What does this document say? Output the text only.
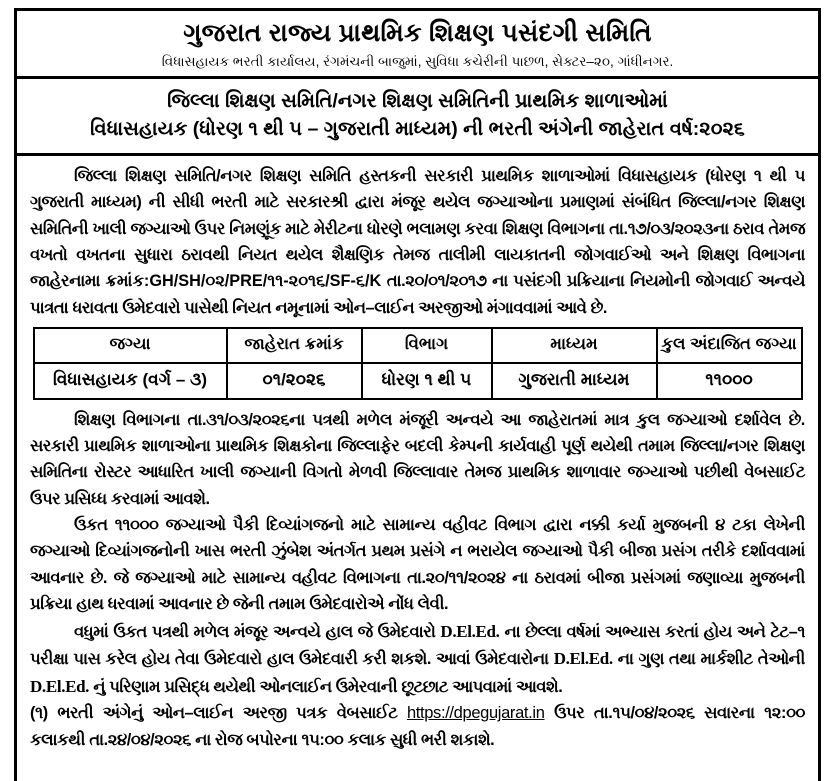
ગુજરાત રાજ્ય પ્રાથમિક શિક્ષણ પસંદગી સમિતિ
વિધાસહાયક ભરતી કાર્યાલય, રંગમંચની બાજુમાં, સુવિધા કચેરીની પાછળ, સેક્ટર–૨૦, ગાંધીનગર.
જિલ્લા શિક્ષણ સમિતિ/નગર શિક્ષણ સમિતિની પ્રાથમિક શાળાઓમાં
વિધાસહાયક (ધોરણ ૧ થી ૫ – ગુજરાતી માધ્યમ) ની ભરતી અંગેની જાહેરાત વર્ષ:૨૦૨૬

જિલ્લા શિક્ષણ સમિતિ/નગર શિક્ષણ સમિતિ હસ્તકની સરકારી પ્રાથમિક શાળાઓમાં વિધાસહાયક (ધોરણ ૧ થી ૫ ગુજરાતી માધ્યમ) ની સીધી ભરતી માટે સરકારશ્રી દ્વારા મંજૂર થયેલ જગ્યાઓના પ્રમાણમાં સંબંધિત જિલ્લા/નગર શિક્ષણ સમિતિની ખાલી જગ્યાઓ ઉપર નિમણૂંક માટે મેરીટના ધોરણે ભલામણ કરવા શિક્ષણ વિભાગના તા.૧૭/૦૩/૨૦૨૩ના ઠરાવ તેમજ વખતો વખતના સુધારા ઠરાવથી નિયત થયેલ શૈક્ષણિક તેમજ તાલીમી લાયકાતની જોગવાઈઓ અને શિક્ષણ વિભાગના જાહેરનામા ક્રમાંક:GH/SH/૦૨/PRE/૧૧-૨૦૧૬/SF-૬/K તા.૨૦/૦૧/૨૦૧૭ ના પસંદગી પ્રક્રિયાના નિયમોની જોગવાઈ અન્વયે પાત્રતા ધરાવતા ઉમેદવારો પાસેથી નિયત નમૂનામાં ઓન–લાઈન અરજીઓ મંગાવવામાં આવે છે.

જગ્યા	જાહેરાત ક્રમાંક	વિભાગ	માધ્યમ	કુલ અંદાજિત જગ્યા
વિધાસહાયક (વર્ગ – ૩)	૦૧/૨૦૨૬	ધોરણ ૧ થી ૫	ગુજરાતી માધ્યમ	૧૧૦૦૦

શિક્ષણ વિભાગના તા.૩૧/૦૩/૨૦૨૬ના પત્રથી મળેલ મંજૂરી અન્વયે આ જાહેરાતમાં માત્ર કુલ જગ્યાઓ દર્શાવેલ છે. સરકારી પ્રાથમિક શાળાઓના પ્રાથમિક શિક્ષકોના જિલ્લાફેર બદલી કેમ્પની કાર્યવાહી પૂર્ણ થયેથી તમામ જિલ્લા/નગર શિક્ષણ સમિતિના રોસ્ટર આધારિત ખાલી જગ્યાની વિગતો મેળવી જિલ્લાવાર તેમજ પ્રાથમિક શાળાવાર જગ્યાઓ પછીથી વેબસાઈટ ઉપર પ્રસિધ્ધ કરવામાં આવશે.

ઉકત ૧૧૦૦૦ જગ્યાઓ પૈકી દિવ્યાંગજનો માટે સામાન્ય વહીવટ વિભાગ દ્વારા નક્કી કર્યા મુજબની ૪ ટકા લેખેની જગ્યાઓ દિવ્યાંગજનોની ખાસ ભરતી ઝુંબેશ અંતર્ગત પ્રથમ પ્રસંગે ન ભરાયેલ જગ્યાઓ પૈકી બીજા પ્રસંગ તરીકે દર્શાવવામાં આવનાર છે. જે જગ્યાઓ માટે સામાન્ય વહીવટ વિભાગના તા.૨૦/૧૧/૨૦૨૪ ના ઠરાવમાં બીજા પ્રસંગમાં જણાવ્યા મુજબની પ્રક્રિયા હાથ ધરવામાં આવનાર છે જેની તમામ ઉમેદવારોએ નોંધ લેવી.

વધુમાં ઉકત પત્રથી મળેલ મંજૂર અન્વયે હાલ જે ઉમેદવારો D.El.Ed. ના છેલ્લા વર્ષમાં અભ્યાસ કરતાં હોય અને ટેટ–૧ પરીક્ષા પાસ કરેલ હોય તેવા ઉમેદવારો હાલ ઉમેદવારી કરી શકશે. આવાં ઉમેદવારોના D.El.Ed. ના ગુણ તથા માર્કશીટ તેઓની D.El.Ed. નું પરિણામ પ્રસિદ્ધ થયેથી ઓનલાઈન ઉમેરવાની છૂટછાટ આપવામાં આવશે.

(૧) ભરતી અંગેનું ઓન–લાઈન અરજી પત્રક વેબસાઈટ https://dpegujarat.in ઉપર તા.૧૫/૦૪/૨૦૨૬ સવારના ૧૨:૦૦ કલાકથી તા.૨૪/૦૪/૨૦૨૬ ના રોજ બપોરના ૧૫:૦૦ કલાક સુધી ભરી શકાશે.
